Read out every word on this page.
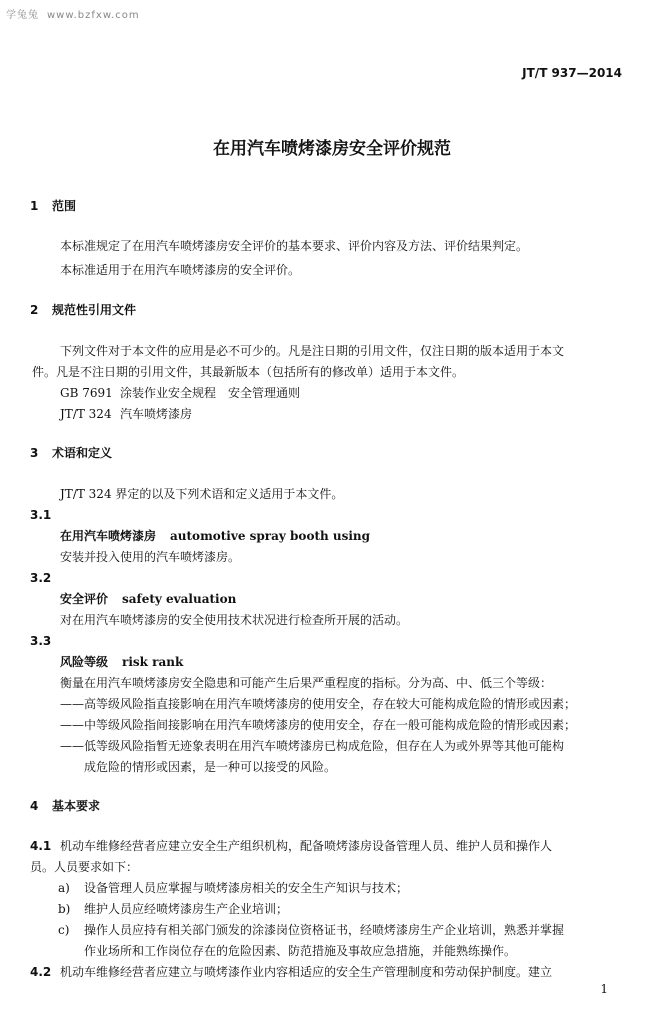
学兔兔 www.bzfxw.com
JT/T 937—2014
在用汽车喷烤漆房安全评价规范
1 范围
本标准规定了在用汽车喷烤漆房安全评价的基本要求、评价内容及方法、评价结果判定。
本标准适用于在用汽车喷烤漆房的安全评价。
2 规范性引用文件
下列文件对于本文件的应用是必不可少的。凡是注日期的引用文件，仅注日期的版本适用于本文
件。凡是不注日期的引用文件，其最新版本（包括所有的修改单）适用于本文件。
GB 7691 涂装作业安全规程　安全管理通则
JT/T 324 汽车喷烤漆房
3 术语和定义
JT/T 324 界定的以及下列术语和定义适用于本文件。
3.1
在用汽车喷烤漆房 automotive spray booth using
安装并投入使用的汽车喷烤漆房。
3.2
安全评价 safety evaluation
对在用汽车喷烤漆房的安全使用技术状况进行检查所开展的活动。
3.3
风险等级 risk rank
衡量在用汽车喷烤漆房安全隐患和可能产生后果严重程度的指标。分为高、中、低三个等级：
——高等级风险指直接影响在用汽车喷烤漆房的使用安全，存在较大可能构成危险的情形或因素；
——中等级风险指间接影响在用汽车喷烤漆房的使用安全，存在一般可能构成危险的情形或因素；
——低等级风险指暂无迹象表明在用汽车喷烤漆房已构成危险，但存在人为或外界等其他可能构
成危险的情形或因素，是一种可以接受的风险。
4 基本要求
4.1 机动车维修经营者应建立安全生产组织机构，配备喷烤漆房设备管理人员、维护人员和操作人
员。人员要求如下：
a) 设备管理人员应掌握与喷烤漆房相关的安全生产知识与技术；
b) 维护人员应经喷烤漆房生产企业培训；
c) 操作人员应持有相关部门颁发的涂漆岗位资格证书，经喷烤漆房生产企业培训，熟悉并掌握
作业场所和工作岗位存在的危险因素、防范措施及事故应急措施，并能熟练操作。
4.2 机动车维修经营者应建立与喷烤漆作业内容相适应的安全生产管理制度和劳动保护制度。建立
1
